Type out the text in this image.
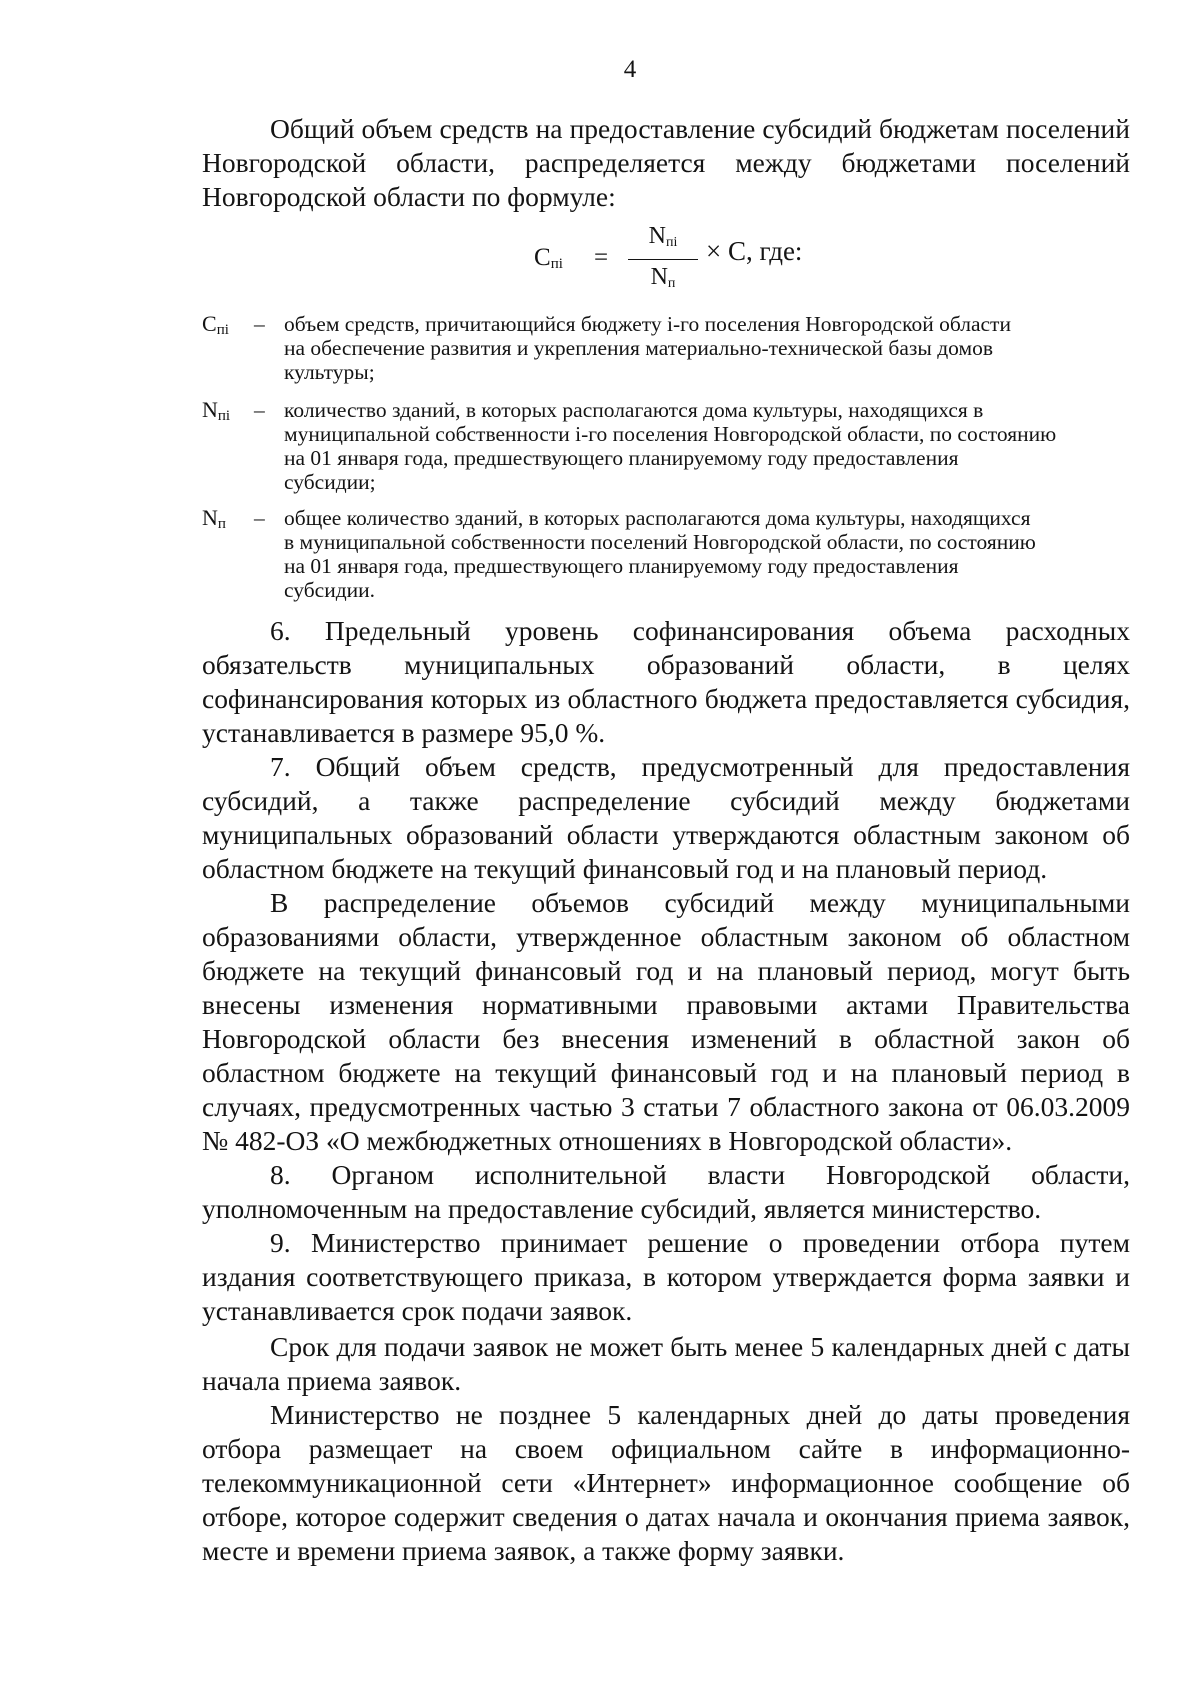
4

Общий объем средств на предоставление субсидий бюджетам поселений Новгородской области, распределяется между бюджетами поселений Новгородской области по формуле:

$C_{пi}$ =
$N_{пi}$
$N_п$
× C, где:
$C_{пi}$	– объем средств, причитающийся бюджету i-го поселения Новгородской области
на обеспечение развития и укрепления материально-технической базы домов
культуры;
$N_{пi}$	– количество зданий, в которых располагаются дома культуры, находящихся в
муниципальной собственности i-го поселения Новгородской области, по состоянию
на 01 января года, предшествующего планируемому году предоставления
субсидии;
$N_п$	– общее количество зданий, в которых располагаются дома культуры, находящихся
в муниципальной собственности поселений Новгородской области, по состоянию
на 01 января года, предшествующего планируемому году предоставления
субсидии.

6. Предельный уровень софинансирования объема расходных обязательств муниципальных образований области, в целях софинансирования которых из областного бюджета предоставляется субсидия, устанавливается в размере 95,0 %.

7. Общий объем средств, предусмотренный для предоставления субсидий, а также распределение субсидий между бюджетами муниципальных образований области утверждаются областным законом об областном бюджете на текущий финансовый год и на плановый период.

В распределение объемов субсидий между муниципальными образованиями области, утвержденное областным законом об областном бюджете на текущий финансовый год и на плановый период, могут быть внесены изменения нормативными правовыми актами Правительства Новгородской области без внесения изменений в областной закон об областном бюджете на текущий финансовый год и на плановый период в случаях, предусмотренных частью 3 статьи 7 областного закона от 06.03.2009 № 482-ОЗ «О межбюджетных отношениях в Новгородской области».

8. Органом исполнительной власти Новгородской области, уполномоченным на предоставление субсидий, является министерство.

9. Министерство принимает решение о проведении отбора путем издания соответствующего приказа, в котором утверждается форма заявки и устанавливается срок подачи заявок.

Срок для подачи заявок не может быть менее 5 календарных дней с даты начала приема заявок.

Министерство не позднее 5 календарных дней до даты проведения отбора размещает на своем официальном сайте в информационно-телекоммуникационной сети «Интернет» информационное сообщение об отборе, которое содержит сведения о датах начала и окончания приема заявок, месте и времени приема заявок, а также форму заявки.
